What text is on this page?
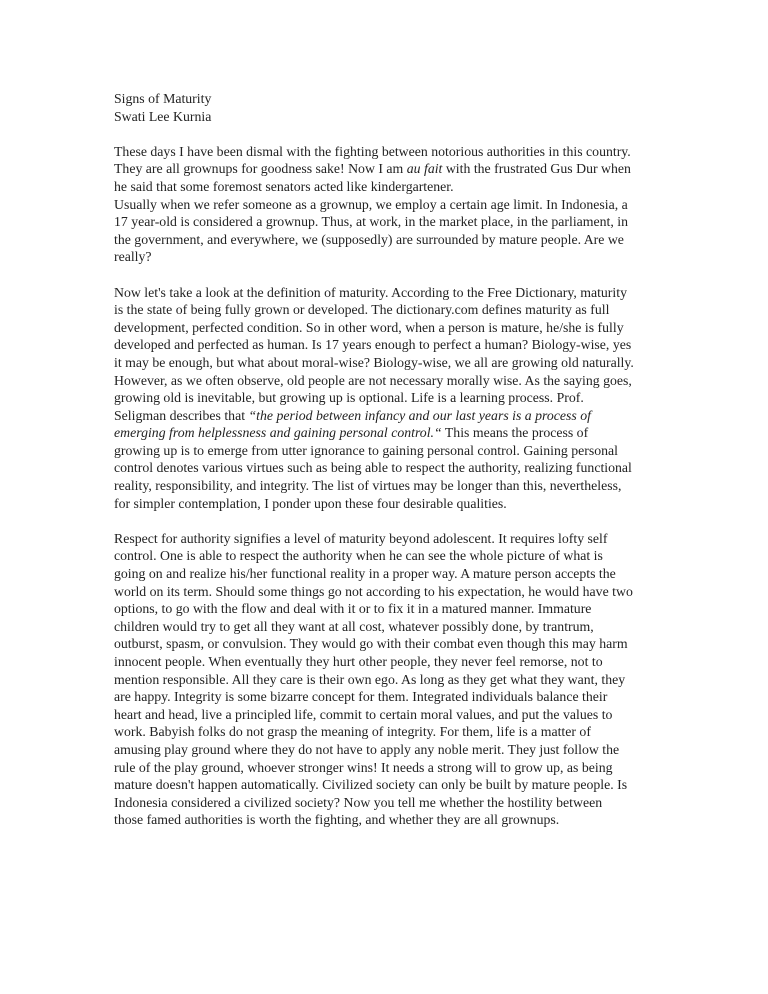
Signs of Maturity
Swati Lee Kurnia

These days I have been dismal with the fighting between notorious authorities in this country. They are all grownups for goodness sake! Now I am au fait with the frustrated Gus Dur when he said that some foremost senators acted like kindergartener.

Usually when we refer someone as a grownup, we employ a certain age limit. In Indonesia, a 17 year-old is considered a grownup. Thus, at work, in the market place, in the parliament, in the government, and everywhere, we (supposedly) are surrounded by mature people. Are we really?

Now let's take a look at the definition of maturity. According to the Free Dictionary, maturity is the state of being fully grown or developed. The dictionary.com defines maturity as full development, perfected condition. So in other word, when a person is mature, he/she is fully developed and perfected as human. Is 17 years enough to perfect a human? Biology-wise, yes it may be enough, but what about moral-wise? Biology-wise, we all are growing old naturally. However, as we often observe, old people are not necessary morally wise. As the saying goes, growing old is inevitable, but growing up is optional. Life is a learning process. Prof. Seligman describes that “the period between infancy and our last years is a process of emerging from helplessness and gaining personal control.“ This means the process of growing up is to emerge from utter ignorance to gaining personal control. Gaining personal control denotes various virtues such as being able to respect the authority, realizing functional reality, responsibility, and integrity. The list of virtues may be longer than this, nevertheless, for simpler contemplation, I ponder upon these four desirable qualities.

Respect for authority signifies a level of maturity beyond adolescent. It requires lofty self control. One is able to respect the authority when he can see the whole picture of what is going on and realize his/her functional reality in a proper way. A mature person accepts the world on its term. Should some things go not according to his expectation, he would have two options, to go with the flow and deal with it or to fix it in a matured manner. Immature children would try to get all they want at all cost, whatever possibly done, by trantrum, outburst, spasm, or convulsion. They would go with their combat even though this may harm innocent people. When eventually they hurt other people, they never feel remorse, not to mention responsible. All they care is their own ego. As long as they get what they want, they are happy. Integrity is some bizarre concept for them. Integrated individuals balance their heart and head, live a principled life, commit to certain moral values, and put the values to work. Babyish folks do not grasp the meaning of integrity. For them, life is a matter of amusing play ground where they do not have to apply any noble merit. They just follow the rule of the play ground, whoever stronger wins! It needs a strong will to grow up, as being mature doesn't happen automatically. Civilized society can only be built by mature people. Is Indonesia considered a civilized society? Now you tell me whether the hostility between those famed authorities is worth the fighting, and whether they are all grownups.
